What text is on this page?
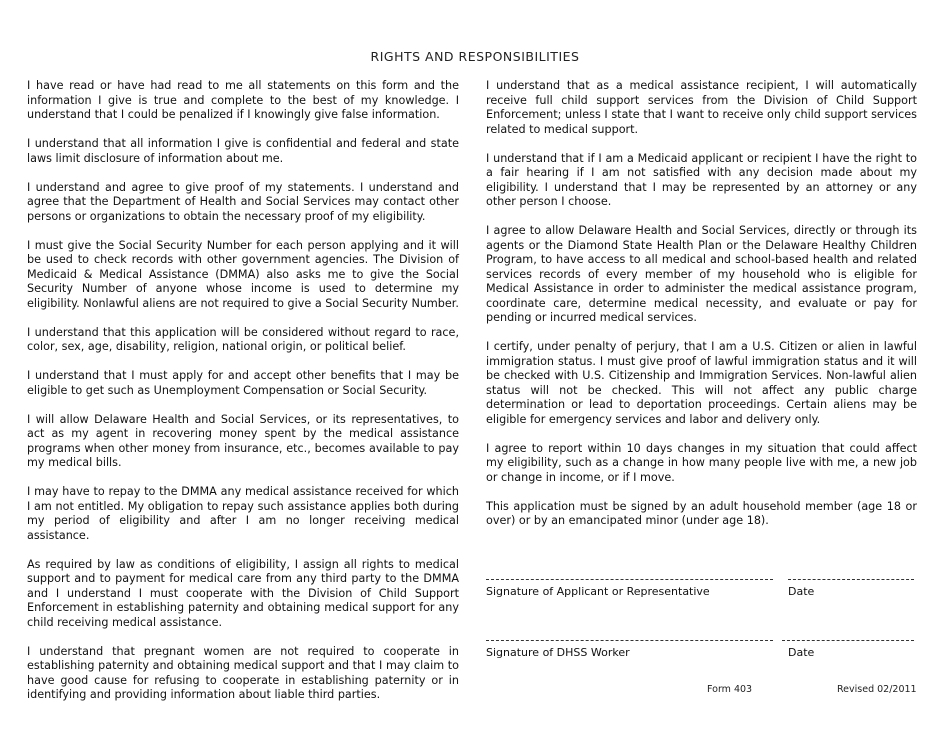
RIGHTS AND RESPONSIBILITIES

I have read or have had read to me all statements on this form and the information I give is true and complete to the best of my knowledge. I understand that I could be penalized if I knowingly give false information.

I understand that all information I give is confidential and federal and state laws limit disclosure of information about me.

I understand and agree to give proof of my statements. I understand and agree that the Department of Health and Social Services may contact other persons or organizations to obtain the necessary proof of my eligibility.

I must give the Social Security Number for each person applying and it will be used to check records with other government agencies. The Division of Medicaid & Medical Assistance (DMMA) also asks me to give the Social Security Number of anyone whose income is used to determine my eligibility. Nonlawful aliens are not required to give a Social Security Number.

I understand that this application will be considered without regard to race, color, sex, age, disability, religion, national origin, or political belief.

I understand that I must apply for and accept other benefits that I may be eligible to get such as Unemployment Compensation or Social Security.

I will allow Delaware Health and Social Services, or its representatives, to act as my agent in recovering money spent by the medical assistance programs when other money from insurance, etc., becomes available to pay my medical bills.

I may have to repay to the DMMA any medical assistance received for which I am not entitled. My obligation to repay such assistance applies both during my period of eligibility and after I am no longer receiving medical assistance.

As required by law as conditions of eligibility, I assign all rights to medical support and to payment for medical care from any third party to the DMMA and I understand I must cooperate with the Division of Child Support Enforcement in establishing paternity and obtaining medical support for any child receiving medical assistance.

I understand that pregnant women are not required to cooperate in establishing paternity and obtaining medical support and that I may claim to have good cause for refusing to cooperate in establishing paternity or in identifying and providing information about liable third parties.

I understand that as a medical assistance recipient, I will automatically receive full child support services from the Division of Child Support Enforcement; unless I state that I want to receive only child support services related to medical support.

I understand that if I am a Medicaid applicant or recipient I have the right to a fair hearing if I am not satisfied with any decision made about my eligibility. I understand that I may be represented by an attorney or any other person I choose.

I agree to allow Delaware Health and Social Services, directly or through its agents or the Diamond State Health Plan or the Delaware Healthy Children Program, to have access to all medical and school-based health and related services records of every member of my household who is eligible for Medical Assistance in order to administer the medical assistance program, coordinate care, determine medical necessity, and evaluate or pay for pending or incurred medical services.

I certify, under penalty of perjury, that I am a U.S. Citizen or alien in lawful immigration status. I must give proof of lawful immigration status and it will be checked with U.S. Citizenship and Immigration Services. Non-lawful alien status will not be checked. This will not affect any public charge determination or lead to deportation proceedings. Certain aliens may be eligible for emergency services and labor and delivery only.

I agree to report within 10 days changes in my situation that could affect my eligibility, such as a change in how many people live with me, a new job or change in income, or if I move.

This application must be signed by an adult household member (age 18 or over) or by an emancipated minor (under age 18).

Signature of Applicant or Representative	Date
Signature of DHSS Worker	Date
Form 403	Revised 02/2011
